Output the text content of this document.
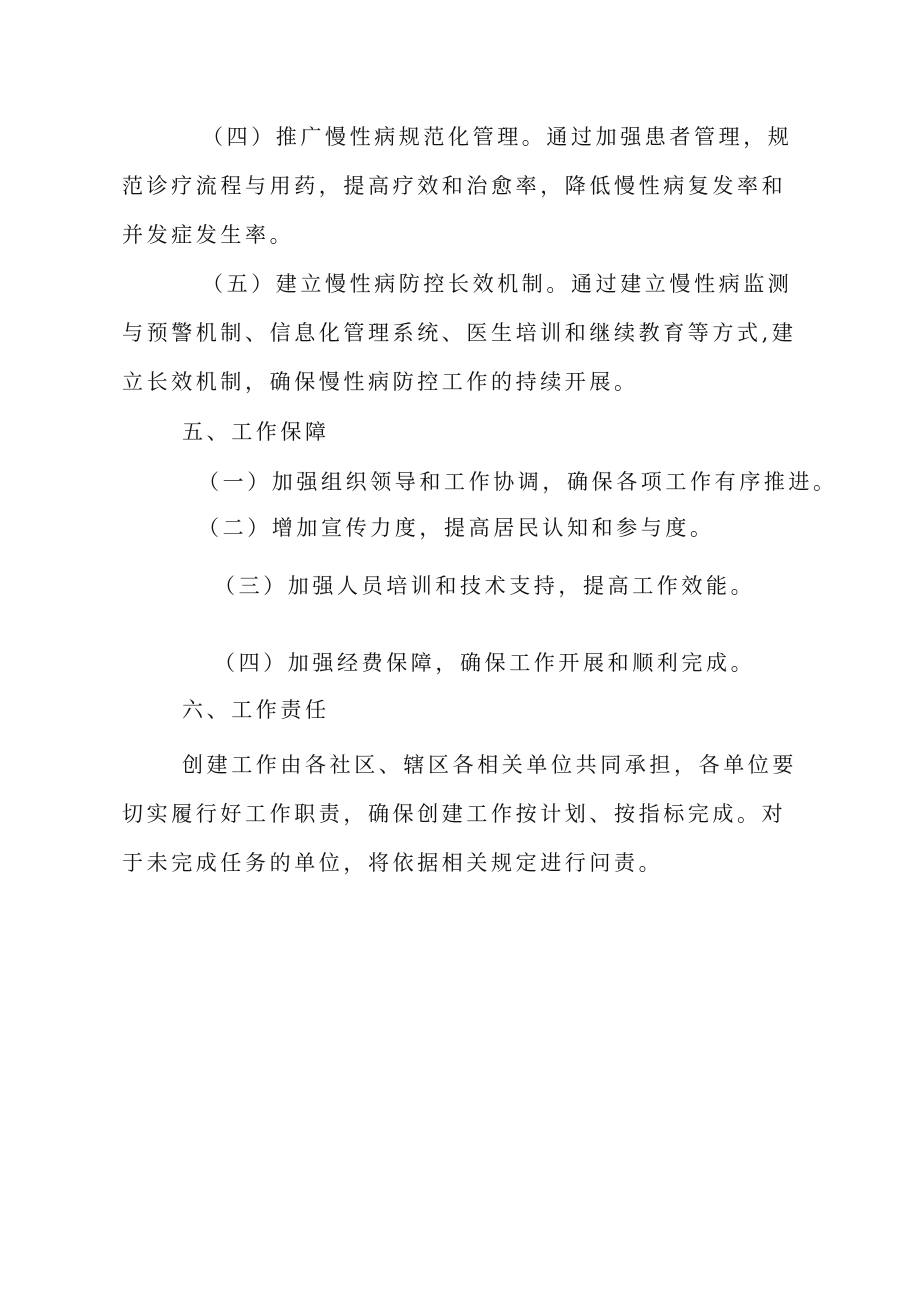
（四）推广慢性病规范化管理。通过加强患者管理，规范诊疗流程与用药，提高疗效和治愈率，降低慢性病复发率和并发症发生率。

（五）建立慢性病防控长效机制。通过建立慢性病监测与预警机制、信息化管理系统、医生培训和继续教育等方式,建立长效机制，确保慢性病防控工作的持续开展。

五、工作保障
（一）加强组织领导和工作协调，确保各项工作有序推进。
（二）增加宣传力度，提高居民认知和参与度。
（三）加强人员培训和技术支持，提高工作效能。
（四）加强经费保障，确保工作开展和顺利完成。
六、工作责任

创建工作由各社区、辖区各相关单位共同承担，各单位要切实履行好工作职责，确保创建工作按计划、按指标完成。对于未完成任务的单位，将依据相关规定进行问责。
